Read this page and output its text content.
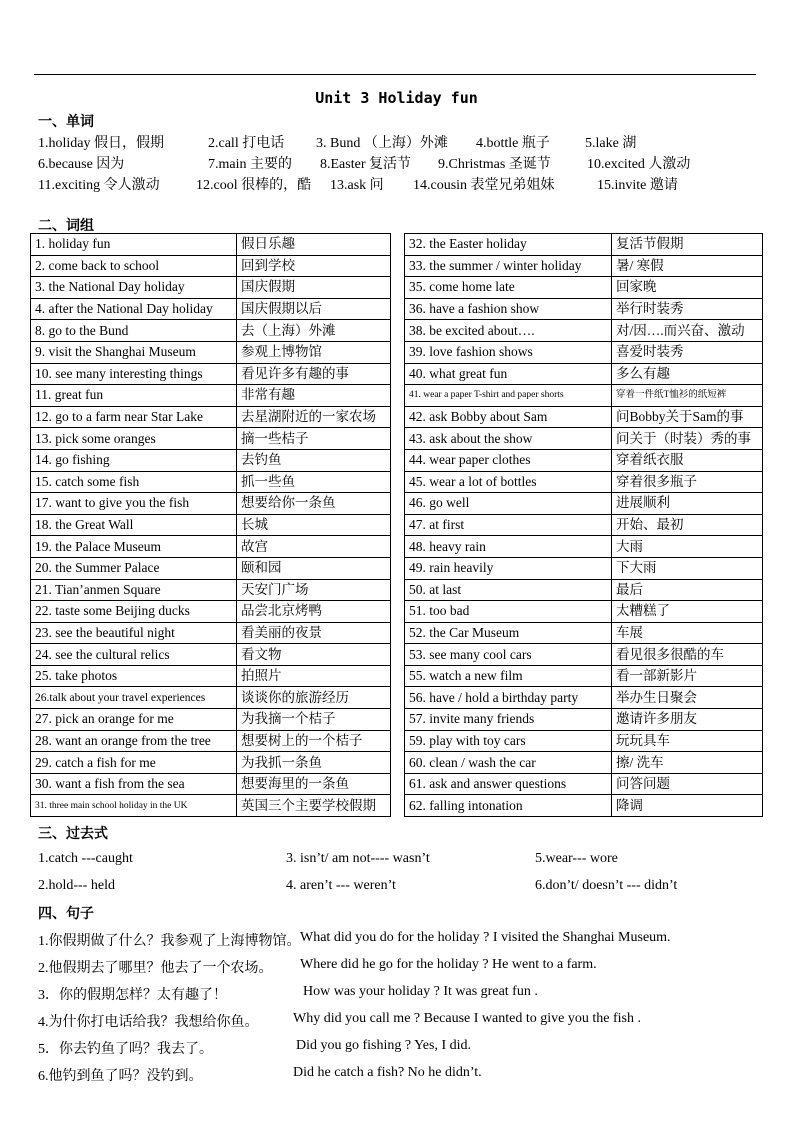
Unit 3 Holiday fun
一、单词
1.holiday 假日，假期	2.call 打电话 3. Bund （上海）外滩 4.bottle 瓶子	5.lake 湖
6.because 因为	7.main 主要的 8.Easter 复活节 9.Christmas 圣诞节	10.excited 人激动
11.exciting 令人激动	12.cool 很棒的，酷 13.ask 问 14.cousin 表堂兄弟姐妹	15.invite 邀请
二、词组
1. holiday fun	假日乐趣
2. come back to school	回到学校
3. the National Day holiday	国庆假期
4. after the National Day holiday	国庆假期以后
8. go to the Bund	去（上海）外滩
9. visit the Shanghai Museum	参观上博物馆
10. see many interesting things	看见许多有趣的事
11. great fun	非常有趣
12. go to a farm near Star Lake	去星湖附近的一家农场
13. pick some oranges	摘一些桔子
14. go fishing	去钓鱼
15. catch some fish	抓一些鱼
17. want to give you the fish	想要给你一条鱼
18. the Great Wall	长城
19. the Palace Museum	故宫
20. the Summer Palace	颐和园
21. Tian’anmen Square	天安门广场
22. taste some Beijing ducks	品尝北京烤鸭
23. see the beautiful night	看美丽的夜景
24. see the cultural relics	看文物
25. take photos	拍照片
26.talk about your travel experiences	谈谈你的旅游经历
27. pick an orange for me	为我摘一个桔子
28. want an orange from the tree	想要树上的一个桔子
29. catch a fish for me	为我抓一条鱼
30. want a fish from the sea	想要海里的一条鱼
31. three main school holiday in the UK	英国三个主要学校假期
32. the Easter holiday	复活节假期
33. the summer / winter holiday	暑/ 寒假
35. come home late	回家晚
36. have a fashion show	举行时装秀
38. be excited about….	对/因….而兴奋、激动
39. love fashion shows	喜爱时装秀
40. what great fun	多么有趣
41. wear a paper T-shirt and paper shorts	穿着一件纸T恤衫的纸短裤
42. ask Bobby about Sam	问Bobby关于Sam的事
43. ask about the show	问关于（时装）秀的事
44. wear paper clothes	穿着纸衣服
45. wear a lot of bottles	穿着很多瓶子
46. go well	进展顺利
47. at first	开始、最初
48. heavy rain	大雨
49. rain heavily	下大雨
50. at last	最后
51. too bad	太糟糕了
52. the Car Museum	车展
53. see many cool cars	看见很多很酷的车
55. watch a new film	看一部新影片
56. have / hold a birthday party	举办生日聚会
57. invite many friends	邀请许多朋友
59. play with toy cars	玩玩具车
60. clean / wash the car	擦/ 洗车
61. ask and answer questions	问答问题
62. falling intonation	降调
三、过去式
1.catch ---caught	3. isn’t/ am not---- wasn’t	5.wear--- wore
2.hold--- held	4. aren’t --- weren’t	6.don’t/ doesn’t --- didn’t
四、句子
1.你假期做了什么？我参观了上海博物馆。 What did you do for the holiday ? I visited the Shanghai Museum.
2.他假期去了哪里？他去了一个农场。 Where did he go for the holiday ? He went to a farm.
3．你的假期怎样？太有趣了！	How was your holiday ? It was great fun .
4.为什你打电话给我？我想给你鱼。 Why did you call me ? Because I wanted to give you the fish .
5．你去钓鱼了吗？我去了。	Did you go fishing ? Yes, I did.
6.他钓到鱼了吗？没钓到。	Did he catch a fish? No he didn’t.
